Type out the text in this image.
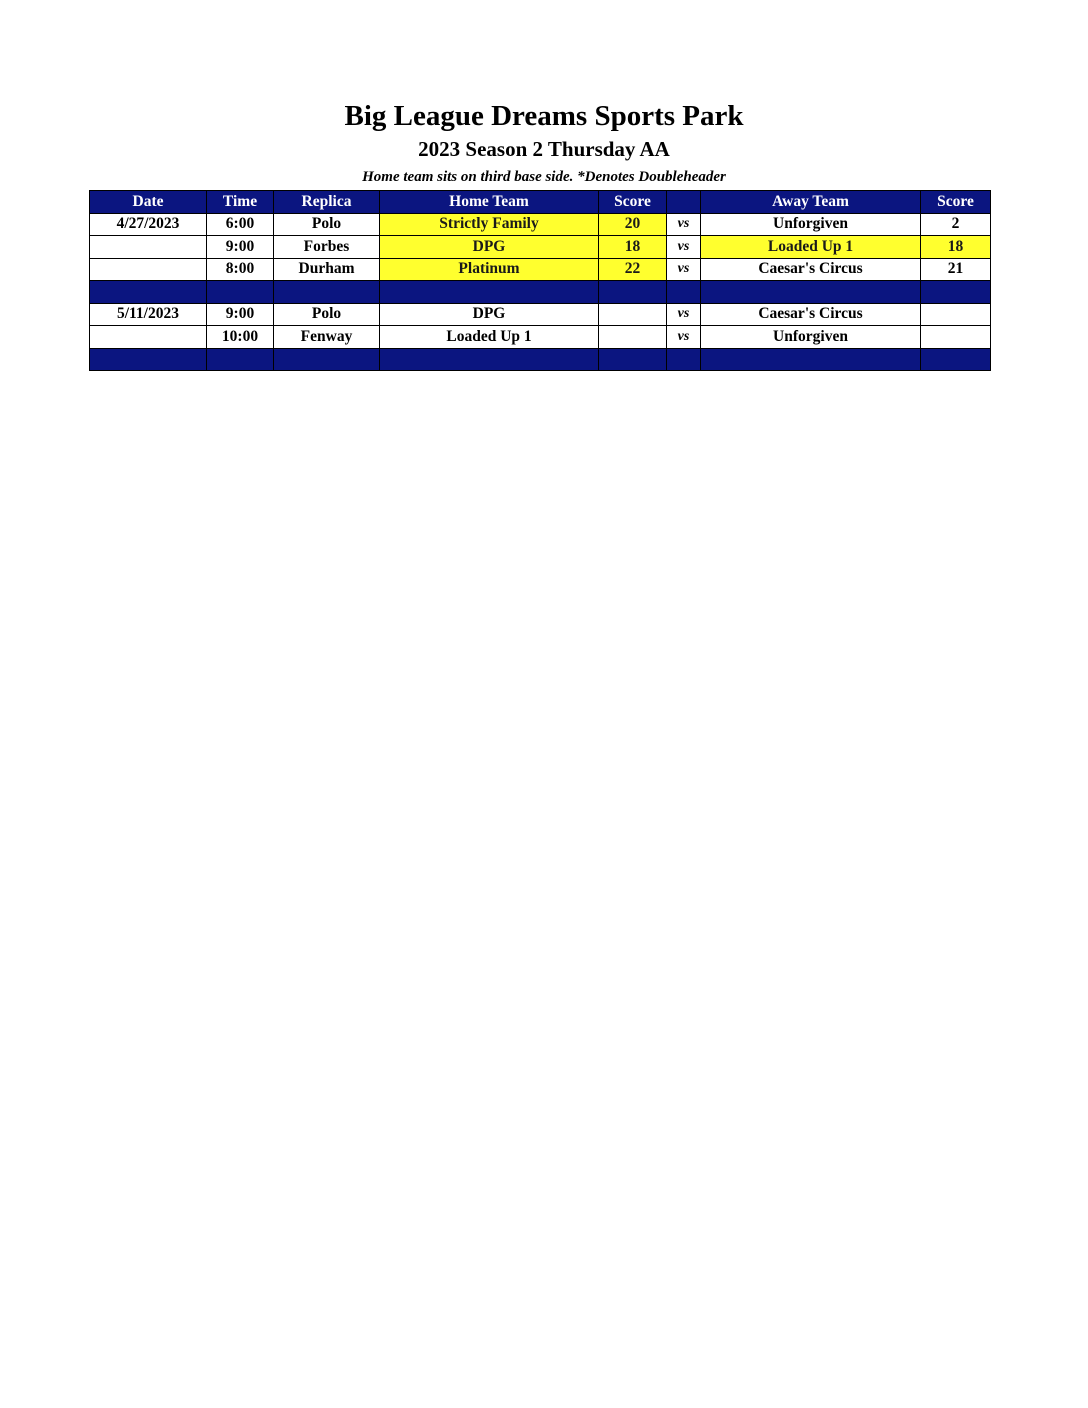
Big League Dreams Sports Park
2023 Season 2 Thursday AA
Home team sits on third base side. *Denotes Doubleheader
Date	Time	Replica	Home Team	Score		Away Team	Score
4/27/2023	6:00	Polo	Strictly Family	20	vs	Unforgiven	2
	9:00	Forbes	DPG	18	vs	Loaded Up 1	18
	8:00	Durham	Platinum	22	vs	Caesar's Circus	21

5/11/2023	9:00	Polo	DPG		vs	Caesar's Circus	
	10:00	Fenway	Loaded Up 1		vs	Unforgiven	
